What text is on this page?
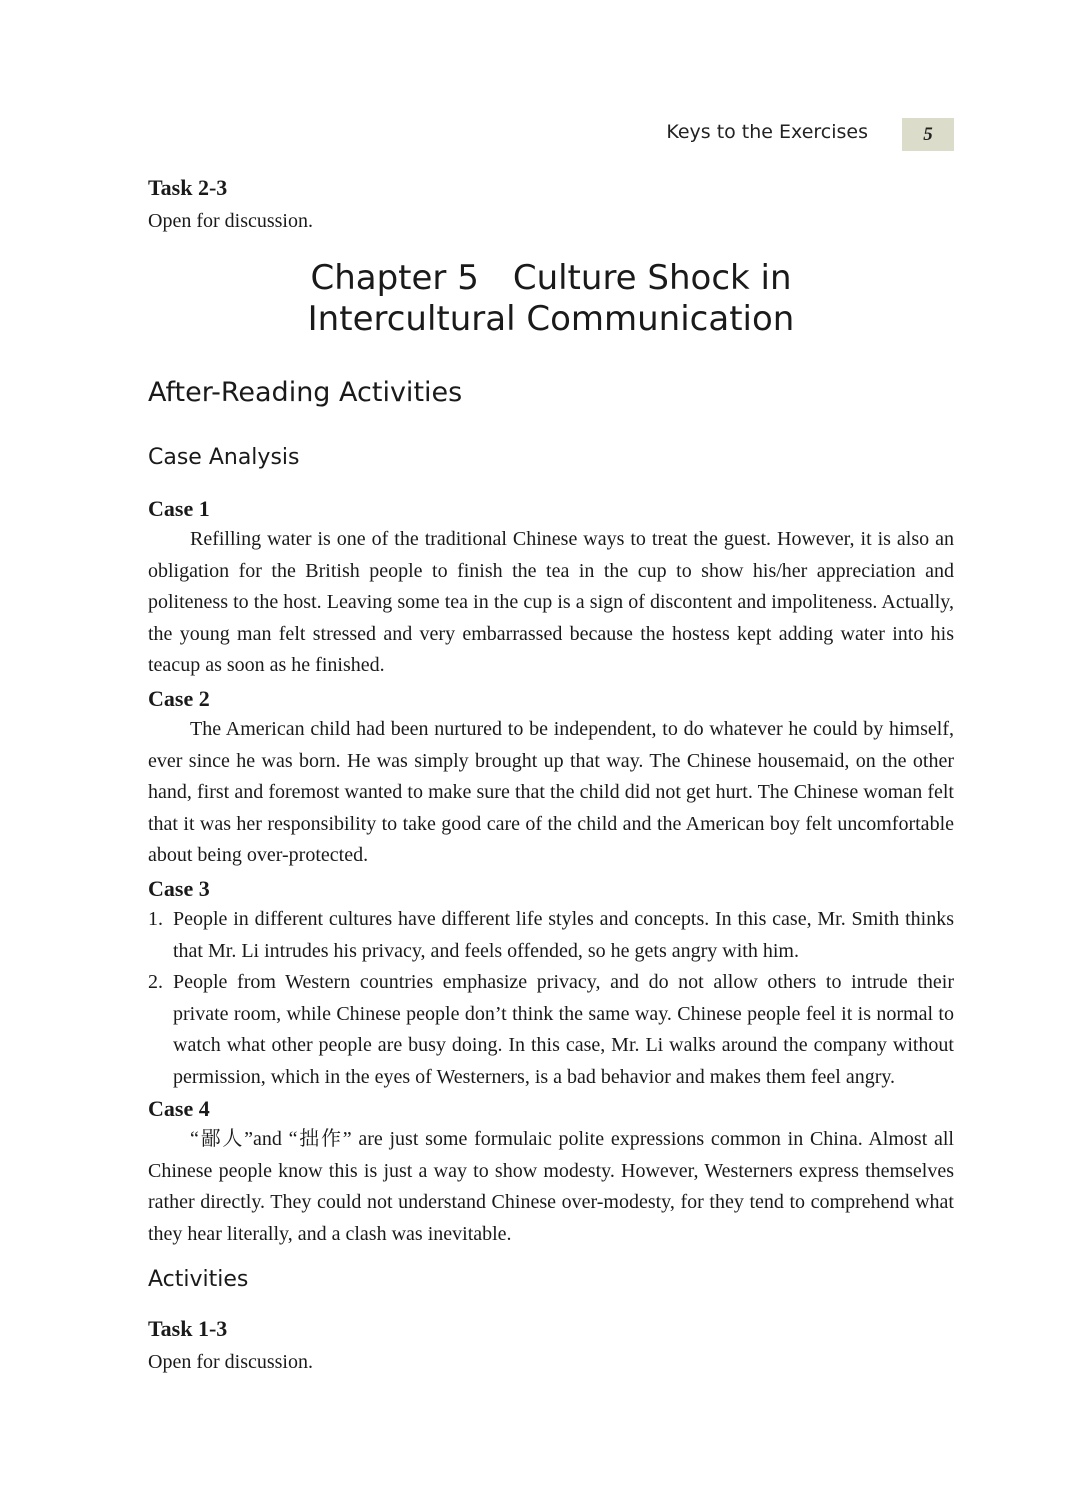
Keys to the Exercises	5
Task 2-3
Open for discussion.
Chapter 5 Culture Shock in
Intercultural Communication
After-Reading Activities
Case Analysis
Case 1

Refilling water is one of the traditional Chinese ways to treat the guest. However, it is also an obligation for the British people to finish the tea in the cup to show his/her appreciation and politeness to the host. Leaving some tea in the cup is a sign of discontent and impoliteness. Actually, the young man felt stressed and very embarrassed because the hostess kept adding water into his teacup as soon as he finished.

Case 2

The American child had been nurtured to be independent, to do whatever he could by himself, ever since he was born. He was simply brought up that way. The Chinese housemaid, on the other hand, first and foremost wanted to make sure that the child did not get hurt. The Chinese woman felt that it was her responsibility to take good care of the child and the American boy felt uncomfortable about being over-protected.

Case 3
1. People in different cultures have different life styles and concepts. In this case, Mr. Smith thinks that Mr. Li intrudes his privacy, and feels offended, so he gets angry with him.
2. People from Western countries emphasize privacy, and do not allow others to intrude their private room, while Chinese people don’t think the same way. Chinese people feel it is normal to watch what other people are busy doing. In this case, Mr. Li walks around the company without permission, which in the eyes of Westerners, is a bad behavior and makes them feel angry.
Case 4

“鄙人”and “拙作” are just some formulaic polite expressions common in China. Almost all Chinese people know this is just a way to show modesty. However, Westerners express themselves rather directly. They could not understand Chinese over-modesty, for they tend to comprehend what they hear literally, and a clash was inevitable.

Activities
Task 1-3
Open for discussion.
